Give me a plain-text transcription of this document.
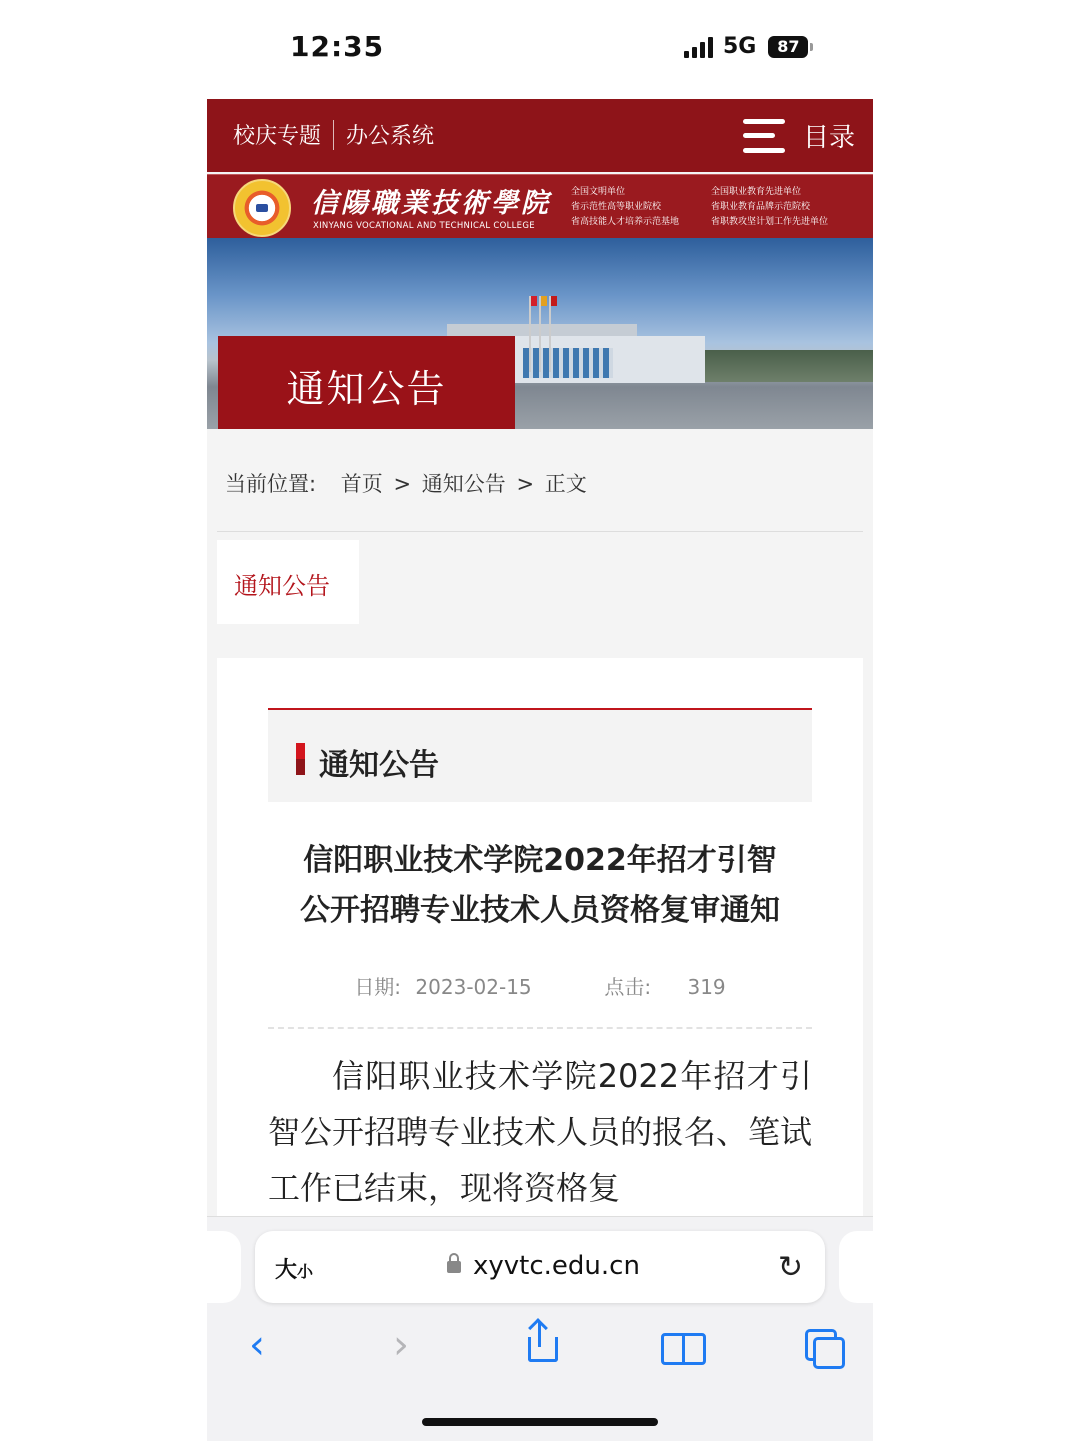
12:35	5G	87
校庆专题 办公系统	目录
信陽職業技術學院
XINYANG VOCATIONAL AND TECHNICAL COLLEGE
全国文明单位
省示范性高等职业院校
省高技能人才培养示范基地
全国职业教育先进单位
省职业教育品牌示范院校
省职教攻坚计划工作先进单位
通知公告
当前位置: 首页 > 通知公告 > 正文
通知公告
通知公告
信阳职业技术学院2022年招才引智
公开招聘专业技术人员资格复审通知
日期: 2023-02-15	点击: 319
信阳职业技术学院2022年招才引智公开招聘专业技术人员的报名、笔试工作已结束，现将资格复
大小	xyvtc.edu.cn	↻
‹	›
